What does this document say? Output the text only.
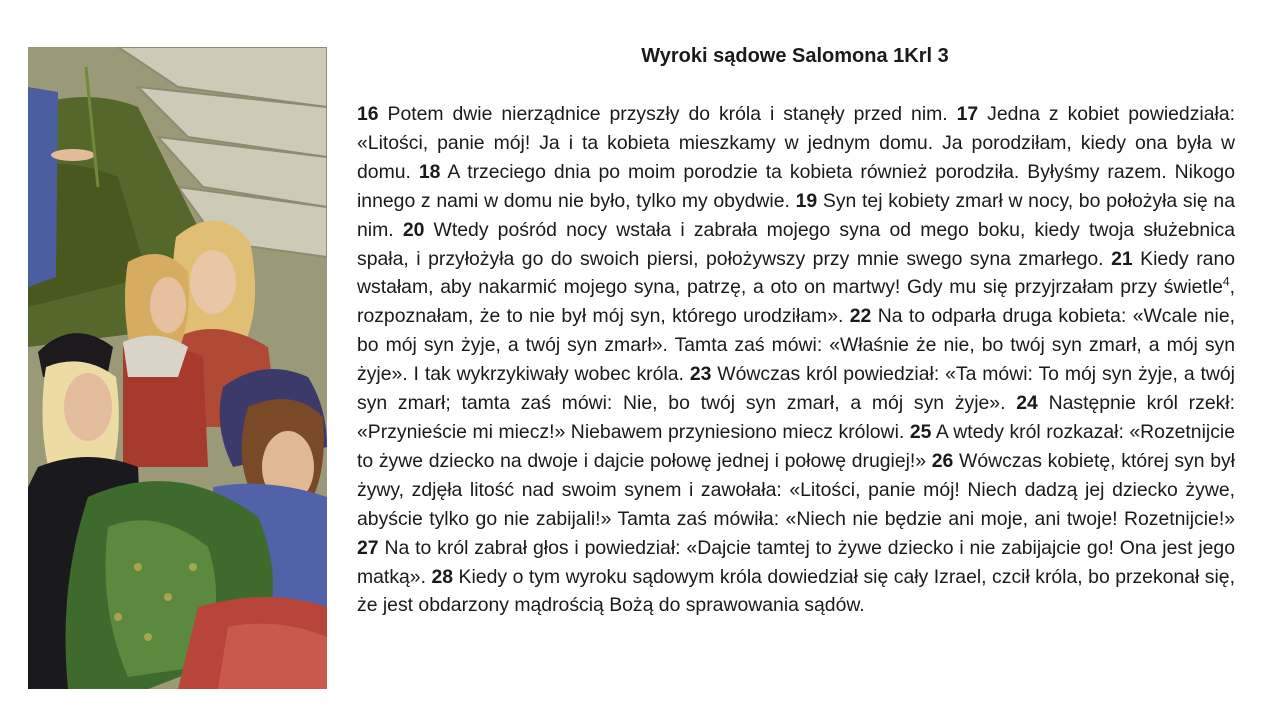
Wyroki sądowe Salomona 1Krl 3

16 Potem dwie nierządnice przyszły do króla i stanęły przed nim. 17 Jedna z kobiet powiedziała: «Litości, panie mój! Ja i ta kobieta mieszkamy w jednym domu. Ja porodziłam, kiedy ona była w domu. 18 A trzeciego dnia po moim porodzie ta kobieta również porodziła. Byłyśmy razem. Nikogo innego z nami w domu nie było, tylko my obydwie. 19 Syn tej kobiety zmarł w nocy, bo położyła się na nim. 20 Wtedy pośród nocy wstała i zabrała mojego syna od mego boku, kiedy twoja służebnica spała, i przyłożyła go do swoich piersi, położywszy przy mnie swego syna zmarłego. 21 Kiedy rano wstałam, aby nakarmić mojego syna, patrzę, a oto on martwy! Gdy mu się przyjrzałam przy świetle$^4$, rozpoznałam, że to nie był mój syn, którego urodziłam». 22 Na to odparła druga kobieta: «Wcale nie, bo mój syn żyje, a twój syn zmarł». Tamta zaś mówi: «Właśnie że nie, bo twój syn zmarł, a mój syn żyje». I tak wykrzykiwały wobec króla. 23 Wówczas król powiedział: «Ta mówi: To mój syn żyje, a twój syn zmarł; tamta zaś mówi: Nie, bo twój syn zmarł, a mój syn żyje». 24 Następnie król rzekł: «Przynieście mi miecz!» Niebawem przyniesiono miecz królowi. 25 A wtedy król rozkazał: «Rozetnijcie to żywe dziecko na dwoje i dajcie połowę jednej i połowę drugiej!» 26 Wówczas kobietę, której syn był żywy, zdjęła litość nad swoim synem i zawołała: «Litości, panie mój! Niech dadzą jej dziecko żywe, abyście tylko go nie zabijali!» Tamta zaś mówiła: «Niech nie będzie ani moje, ani twoje! Rozetnijcie!» 27 Na to król zabrał głos i powiedział: «Dajcie tamtej to żywe dziecko i nie zabijajcie go! Ona jest jego matką». 28 Kiedy o tym wyroku sądowym króla dowiedział się cały Izrael, czcił króla, bo przekonał się, że jest obdarzony mądrością Bożą do sprawowania sądów.
